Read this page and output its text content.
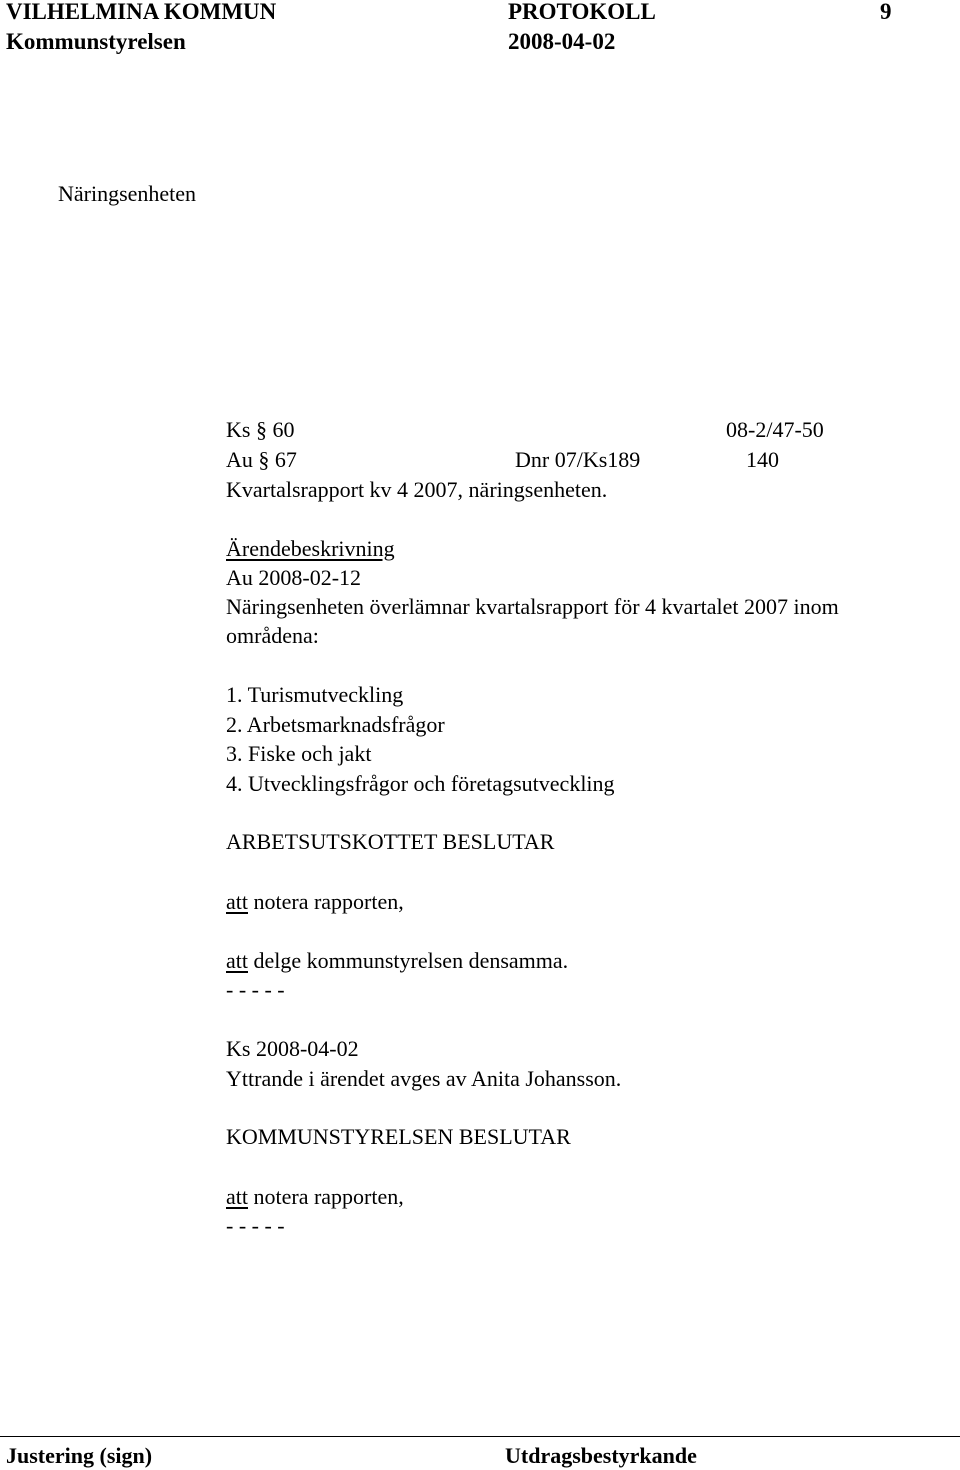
VILHELMINA KOMMUN	PROTOKOLL	9
Kommunstyrelsen	2008-04-02
Näringsenheten
Ks § 60	08-2/47-50
Au § 67	Dnr 07/Ks189	140
Kvartalsrapport kv 4 2007, näringsenheten.
Ärendebeskrivning
Au 2008-02-12
Näringsenheten överlämnar kvartalsrapport för 4 kvartalet 2007 inom
områdena:
1. Turismutveckling
2. Arbetsmarknadsfrågor
3. Fiske och jakt
4. Utvecklingsfrågor och företagsutveckling
ARBETSUTSKOTTET BESLUTAR
att notera rapporten,
att delge kommunstyrelsen densamma.
- - - - -
Ks 2008-04-02
Yttrande i ärendet avges av Anita Johansson.
KOMMUNSTYRELSEN BESLUTAR
att notera rapporten,
- - - - -
Justering (sign)	Utdragsbestyrkande
